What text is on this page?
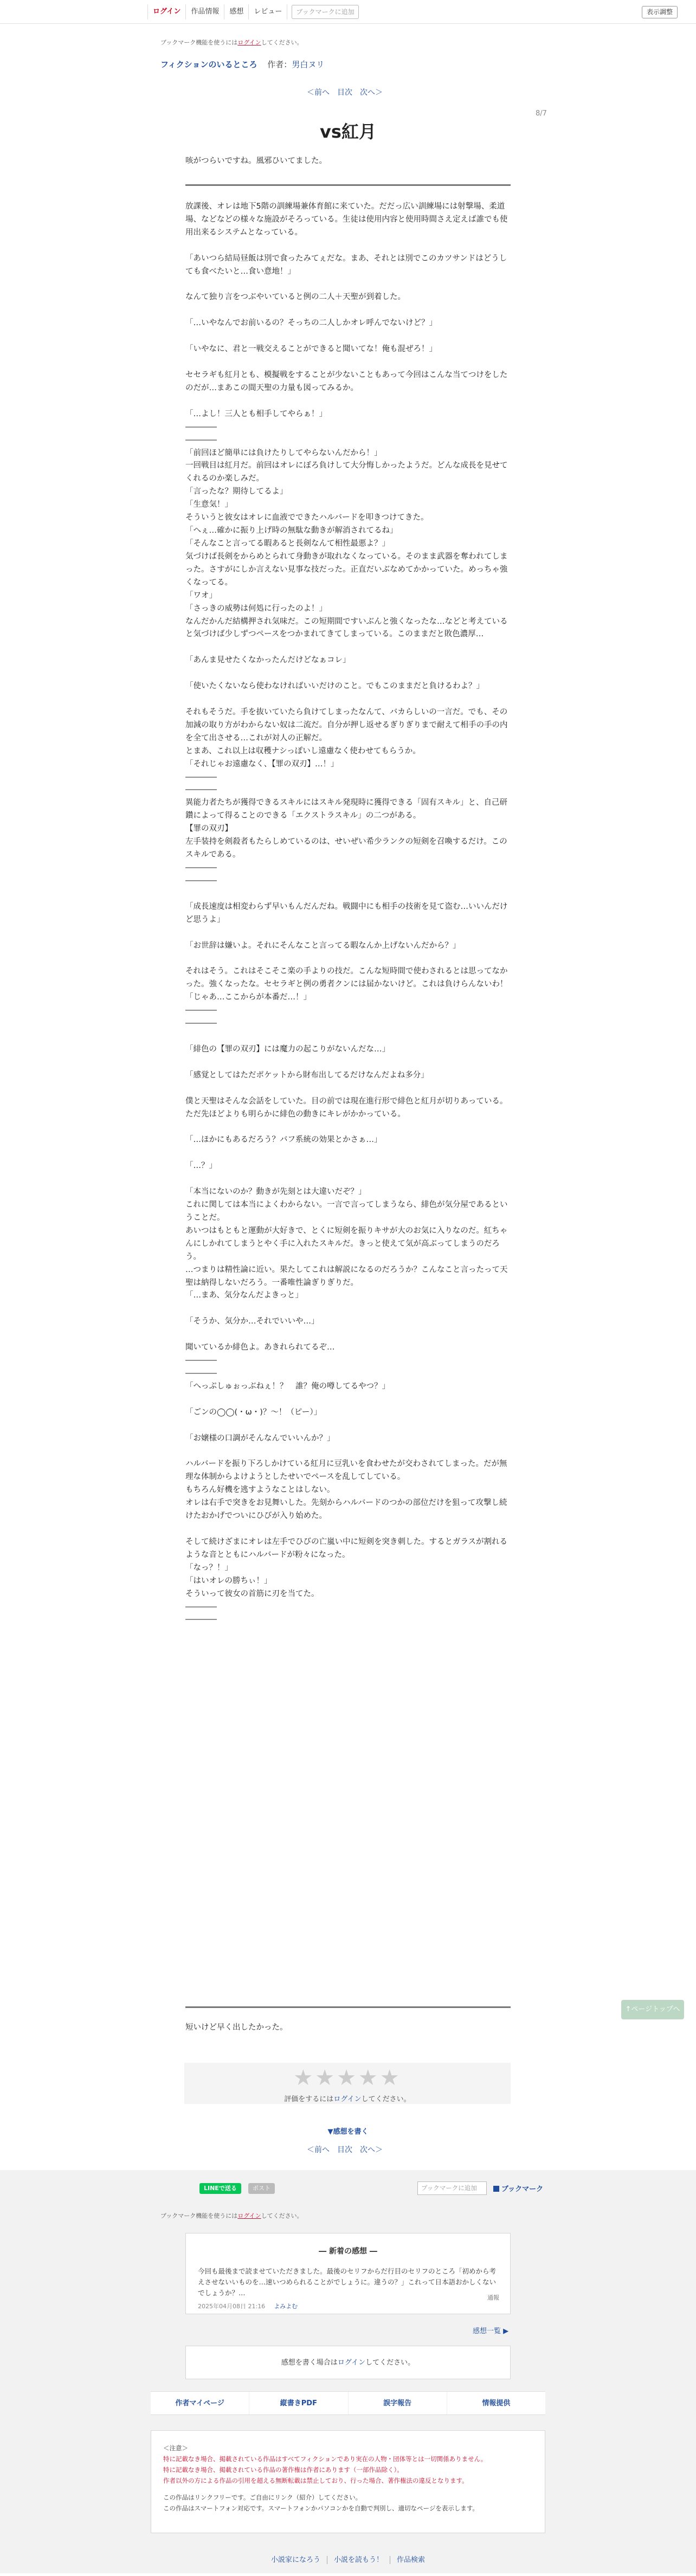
ログイン	作品情報	感想	レビュー	ブックマークに追加	表示調整
ブックマーク機能を使うにはログインしてください。
フィクションのいるところ 作者：男白ヌリ
＜前へ 目次 次へ＞
8/7
vs紅月

咳がつらいですね。風邪ひいてました。

放課後、オレは地下5階の訓練場兼体育館に来ていた。だだっ広い訓練場には射撃場、柔道場、などなどの様々な施設がそろっている。生徒は使用内容と使用時間さえ定えば誰でも使用出来るシステムとなっている。

「あいつら結局昼飯は別で食ったみてぇだな。まあ、それとは別でこのカツサンドはどうしても食べたいと…食い意地！」

なんて独り言をつぶやいていると例の二人＋天聖が到着した。

「…いやなんでお前いるの？そっちの二人しかオレ呼んでないけど？」

「いやなに、君と一戦交えることができると聞いてな！俺も混ぜろ！」

セセラギも紅月とも、模擬戦をすることが少ないこともあって今回はこんな当てつけをしたのだが…まあこの間天聖の力量も図ってみるか。

「…よし！三人とも相手してやらぁ！」
――――
――――
「前回ほど簡単には負けたりしてやらないんだから！」
一回戦目は紅月だ。前回はオレにぼろ負けして大分悔しかったようだ。どんな成長を見せてくれるのか楽しみだ。
「言ったな？期待してるよ」
「生意気！」
そういうと彼女はオレに血液でできたハルバードを叩きつけてきた。
「へぇ…確かに振り上げ時の無駄な動きが解消されてるね」
「そんなこと言ってる暇あると長剣なんて相性最悪よ？」
気づけば長剣をからめとられて身動きが取れなくなっている。そのまま武器を奪われてしまった。さすがにしか言えない見事な技だった。正直だいぶなめてかかっていた。めっちゃ強くなってる。
「ワオ」
「さっきの威勢は何処に行ったのよ！」
なんだかんだ結構押され気味だ。この短期間ですいぶんと強くなったな…などと考えていると気づけば少しずつペースをつかまれてきてしまっている。このままだと敗色濃厚…

「あんま見せたくなかったんだけどなぁコレ」

「使いたくないなら使わなければいいだけのこと。でもこのままだと負けるわよ？」

それもそうだ。手を抜いていたら負けてしまったなんて、バカらしいの一言だ。でも、その加減の取り方がわからない奴は二流だ。自分が押し返せるぎりぎりまで耐えて相手の手の内を全て出させる…これが対人の正解だ。
とまあ、これ以上は収穫ナシっぽいし遠慮なく使わせてもらうか。
「それじゃお遠慮なく、【罪の双刃】…！」
――――
――――
異能力者たちが獲得できるスキルにはスキル発現時に獲得できる「固有スキル」と、自己研鑽によって得ることのできる「エクストラスキル」の二つがある。
【罪の双刃】
左手装持を剣殺者もたらしめているのは、せいぜい希少ランクの短剣を召喚するだけ。このスキルである。
――――
――――

「成長速度は相変わらず早いもんだんだね。戦闘中にも相手の技術を見て盗む…いいんだけど思うよ」

「お世辞は嫌いよ。それにそんなこと言ってる暇なんか上げないんだから？」

それはそう。これはそこそこ楽の手よりの技だ。こんな短時間で使わされるとは思ってなかった。強くなったな。セセラギと例の勇者クンには届かないけど。これは負けらんないわ！
「じゃあ…ここからが本番だ…！」
――――
――――

「緋色の【罪の双刃】には魔力の起こりがないんだな…」

「感覚としてはただポケットから財布出してるだけなんだよね多分」

僕と天聖はそんな会話をしていた。目の前では現在進行形で緋色と紅月が切りあっている。ただ先ほどよりも明らかに緋色の動きにキレがかかっている。

「…ほかにもあるだろう？バフ系統の効果とかさぁ…」

「…？」

「本当にないのか？動きが先刻とは大違いだぞ？」
これに関しては本当によくわからない。一言で言ってしまうなら、緋色が気分屋であるということだ。
あいつはもともと運動が大好きで、とくに短剣を振りキサが大のお気に入りなのだ。紅ちゃんにしかれてしまうとやく手に入れたスキルだ。きっと使えて気が高ぶってしまうのだろう。
…つまりは精性論に近い。果たしてこれは解説になるのだろうか？こんなこと言ったって天聖は納得しないだろう。一番唯性論ぎりぎりだ。
「…まあ、気分なんだよきっと」

「そうか、気分か…それでいいや…」

聞いているか緋色よ。あきれられてるぞ…
――――
――――
「へっぷしゅぉっぶねぇ！？　誰？俺の噂してるやつ？」

「ごンの◯◯(・ω・)？〜！（ピー）」

「お嬢様の口調がそんなんでいいんか？」

ハルバードを振り下ろしかけている紅月に豆乳いを食わせたが交わされてしまった。だが無理な体制からよけようとしたせいでペースを乱してしている。
もちろん好機を逃すようなことはしない。
オレは右手で突きをお見舞いした。先刻からハルバードのつかの部位だけを狙って攻撃し続けたおかげでついにひびが入り始めた。

そして続けざまにオレは左手でひびの亡嵐い中に短剣を突き刺した。するとガラスが割れるような音とともにハルバードが粉々になった。
「なっ？！」
「はいオレの勝ちぃ！」
そういって彼女の首筋に刃を当てた。
――――
――――

↑ページトップへ

短いけど早く出したかった。

★★★★★
評価をするにはログインしてください。
▼感想を書く
＜前へ 目次 次へ＞
LINEで送る	ポスト	ブックマークに追加	ブックマーク
ブックマーク機能を使うにはログインしてください。
― 新着の感想 ―
今回も最後まで読ませていただきました。最後のセリフからだ行目のセリフのところ「初めから考えさせないいものを…速いつめられることがでしょうに。違うの？」これって日本語おかしくないでしょうか？…
2025年04月08日 21:16 よみよむ
通報
感想一覧 ▶
感想を書く場合はログインしてください。
作者マイページ	縦書きPDF	誤字報告	情報提供
＜注意＞
特に記載なき場合、掲載されている作品はすべてフィクションであり実在の人物・団体等とは一切関係ありません。
特に記載なき場合、掲載されている作品の著作権は作者にあります（一部作品除く）。
作者以外の方による作品の引用を超える無断転載は禁止しており、行った場合、著作権法の違反となります。
この作品はリンクフリーです。ご自由にリンク（紹介）してください。
この作品はスマートフォン対応です。スマートフォンかパソコンかを自動で判別し、適切なページを表示します。
小説家になろう 小説を読もう！ 作品検索
